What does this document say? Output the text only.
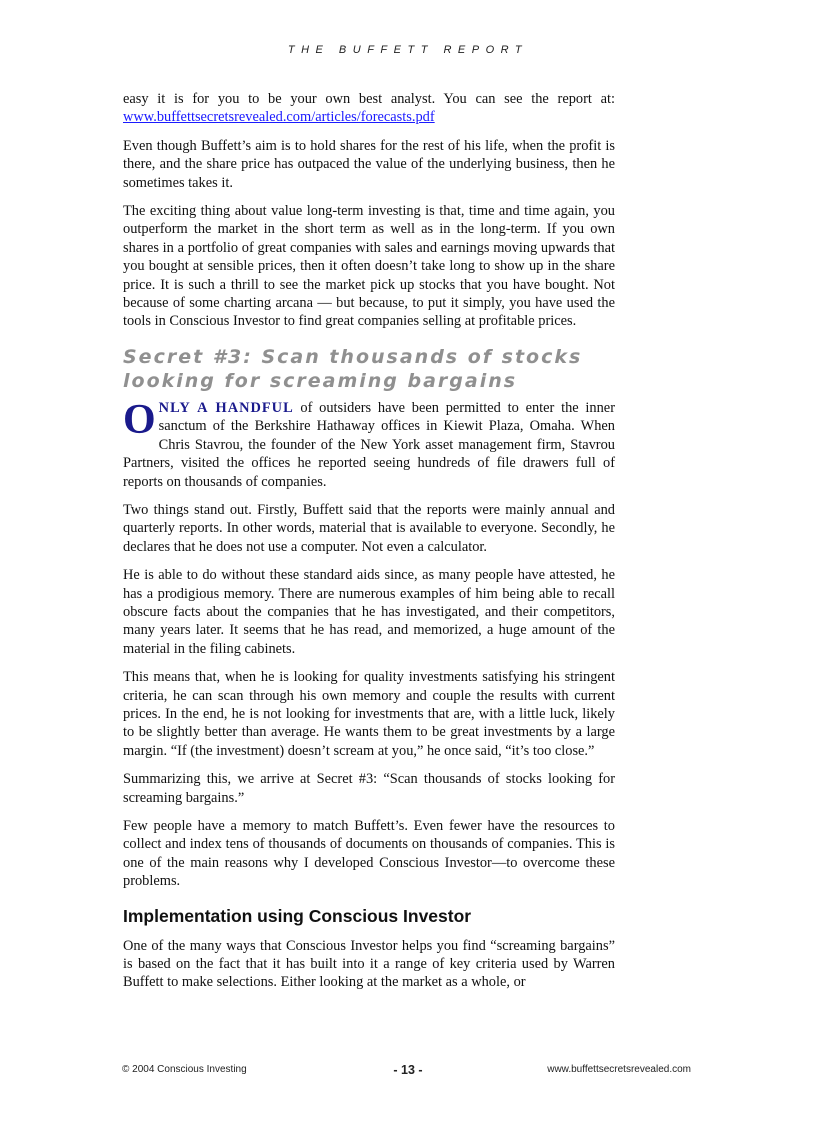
THE BUFFETT REPORT

easy it is for you to be your own best analyst. You can see the report at: www.buffettsecretsrevealed.com/articles/forecasts.pdf

Even though Buffett’s aim is to hold shares for the rest of his life, when the profit is there, and the share price has outpaced the value of the underlying business, then he sometimes takes it.

The exciting thing about value long-term investing is that, time and time again, you outperform the market in the short term as well as in the long-term. If you own shares in a portfolio of great companies with sales and earnings moving upwards that you bought at sensible prices, then it often doesn’t take long to show up in the share price. It is such a thrill to see the market pick up stocks that you have bought. Not because of some charting arcana — but because, to put it simply, you have used the tools in Conscious Investor to find great companies selling at profitable prices.

Secret #3: Scan thousands of stocks looking for screaming bargains

ONLY A HANDFUL of outsiders have been permitted to enter the inner sanctum of the Berkshire Hathaway offices in Kiewit Plaza, Omaha. When Chris Stavrou, the founder of the New York asset management firm, Stavrou Partners, visited the offices he reported seeing hundreds of file drawers full of reports on thousands of companies.

Two things stand out. Firstly, Buffett said that the reports were mainly annual and quarterly reports. In other words, material that is available to everyone. Secondly, he declares that he does not use a computer. Not even a calculator.

He is able to do without these standard aids since, as many people have attested, he has a prodigious memory. There are numerous examples of him being able to recall obscure facts about the companies that he has investigated, and their competitors, many years later. It seems that he has read, and memorized, a huge amount of the material in the filing cabinets.

This means that, when he is looking for quality investments satisfying his stringent criteria, he can scan through his own memory and couple the results with current prices. In the end, he is not looking for investments that are, with a little luck, likely to be slightly better than average. He wants them to be great investments by a large margin. “If (the investment) doesn’t scream at you,” he once said, “it’s too close.”

Summarizing this, we arrive at Secret #3: “Scan thousands of stocks looking for screaming bargains.”

Few people have a memory to match Buffett’s. Even fewer have the resources to collect and index tens of thousands of documents on thousands of companies. This is one of the main reasons why I developed Conscious Investor—to overcome these problems.

Implementation using Conscious Investor

One of the many ways that Conscious Investor helps you find “screaming bargains” is based on the fact that it has built into it a range of key criteria used by Warren Buffett to make selections. Either looking at the market as a whole, or

© 2004 Conscious Investing	- 13 -	www.buffettsecretsrevealed.com
